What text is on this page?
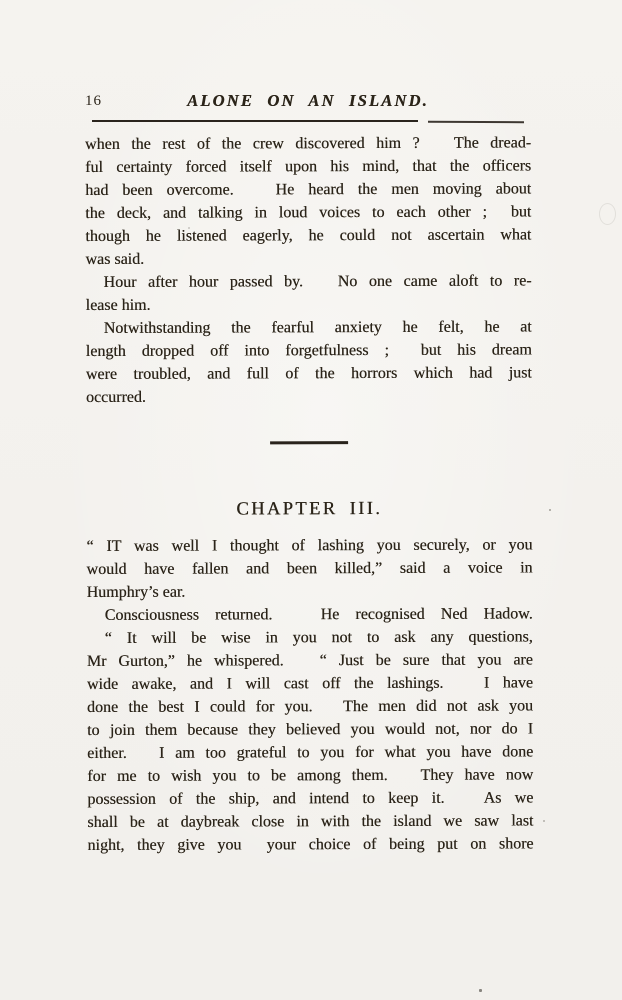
16	ALONE ON AN ISLAND.

when the rest of the crew discovered him ?   The dread-
ful certainty forced itself upon his mind, that the officers
had been overcome.   He heard the men moving about
the deck, and talking in loud voices to each other ;  but
though he listened eagerly, he could not ascertain what
was said.

Hour after hour passed by.   No one came aloft to re-
lease him.

Notwithstanding the fearful anxiety he felt, he at
length dropped off into forgetfulness ;  but his dream
were troubled, and full of the horrors which had just
occurred.

CHAPTER III.

“ IT was well I thought of lashing you securely, or you
would have fallen and been killed,” said a voice in
Humphry’s ear.

Consciousness returned.   He recognised Ned Hadow.

“ It will be wise in you not to ask any questions,
Mr Gurton,” he whispered.   “ Just be sure that you are
wide awake, and I will cast off the lashings.   I have
done the best I could for you.   The men did not ask you
to join them because they believed you would not, nor do I
either.   I am too grateful to you for what you have done
for me to wish you to be among them.   They have now
possession of the ship, and intend to keep it.   As we
shall be at daybreak close in with the island we saw last
night, they give you  your choice of being put on shore
